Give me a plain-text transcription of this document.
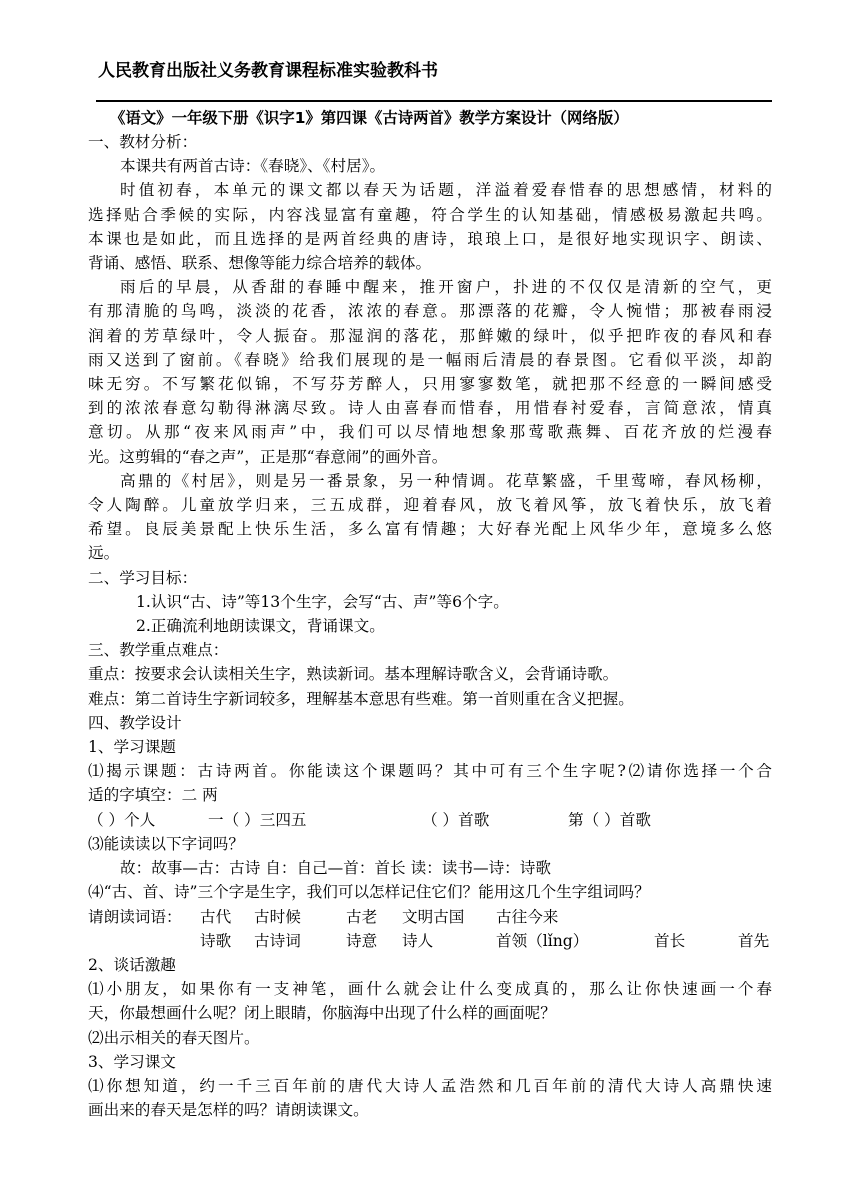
人民教育出版社义务教育课程标准实验教科书
《语文》一年级下册《识字1》第四课《古诗两首》教学方案设计（网络版）
一、教材分析：
本课共有两首古诗：《春晓》、《村居》。
时值初春，本单元的课文都以春天为话题，洋溢着爱春惜春的思想感情，材料的
选择贴合季候的实际，内容浅显富有童趣，符合学生的认知基础，情感极易激起共鸣。
本课也是如此，而且选择的是两首经典的唐诗，琅琅上口，是很好地实现识字、朗读、
背诵、感悟、联系、想像等能力综合培养的载体。
雨后的早晨，从香甜的春睡中醒来，推开窗户，扑进的不仅仅是清新的空气，更
有那清脆的鸟鸣，淡淡的花香，浓浓的春意。那漂落的花瓣，令人惋惜；那被春雨浸
润着的芳草绿叶，令人振奋。那湿润的落花，那鲜嫩的绿叶，似乎把昨夜的春风和春
雨又送到了窗前。《春晓》给我们展现的是一幅雨后清晨的春景图。它看似平淡，却韵
味无穷。不写繁花似锦，不写芬芳醉人，只用寥寥数笔，就把那不经意的一瞬间感受
到的浓浓春意勾勒得淋漓尽致。诗人由喜春而惜春，用惜春衬爱春，言简意浓，情真
意切。从那“夜来风雨声”中，我们可以尽情地想象那莺歌燕舞、百花齐放的烂漫春
光。这剪辑的“春之声”，正是那“春意闹”的画外音。
高鼎的《村居》，则是另一番景象，另一种情调。花草繁盛，千里莺啼，春风杨柳，
令人陶醉。儿童放学归来，三五成群，迎着春风，放飞着风筝，放飞着快乐，放飞着
希望。良辰美景配上快乐生活，多么富有情趣；大好春光配上风华少年，意境多么悠
远。
二、学习目标：
1.认识“古、诗”等13个生字，会写“古、声”等6个字。
2.正确流利地朗读课文，背诵课文。
三、教学重点难点：
重点：按要求会认读相关生字，熟读新词。基本理解诗歌含义，会背诵诗歌。
难点：第二首诗生字新词较多，理解基本意思有些难。第一首则重在含义把握。
四、教学设计
1、学习课题
⑴揭示课题：古诗两首。你能读这个课题吗？其中可有三个生字呢?⑵请你选择一个合
适的字填空：二 两
（ ）个人	一（ ）三四五	（ ）首歌	第（ ）首歌
⑶能读读以下字词吗？
故：故事—古：古诗 自：自己—首：首长 读：读书—诗：诗歌
⑷“古、首、诗”三个字是生字，我们可以怎样记住它们？能用这几个生字组词吗？
请朗读词语：	古代	古时候	古老	文明古国	古往今来
诗歌	古诗词	诗意	诗人	首领（lǐng）	首长	首先
2、谈话激趣
⑴小朋友，如果你有一支神笔，画什么就会让什么变成真的，那么让你快速画一个春
天，你最想画什么呢？闭上眼睛，你脑海中出现了什么样的画面呢？
⑵出示相关的春天图片。
3、学习课文
⑴你想知道，约一千三百年前的唐代大诗人孟浩然和几百年前的清代大诗人高鼎快速
画出来的春天是怎样的吗？请朗读课文。
